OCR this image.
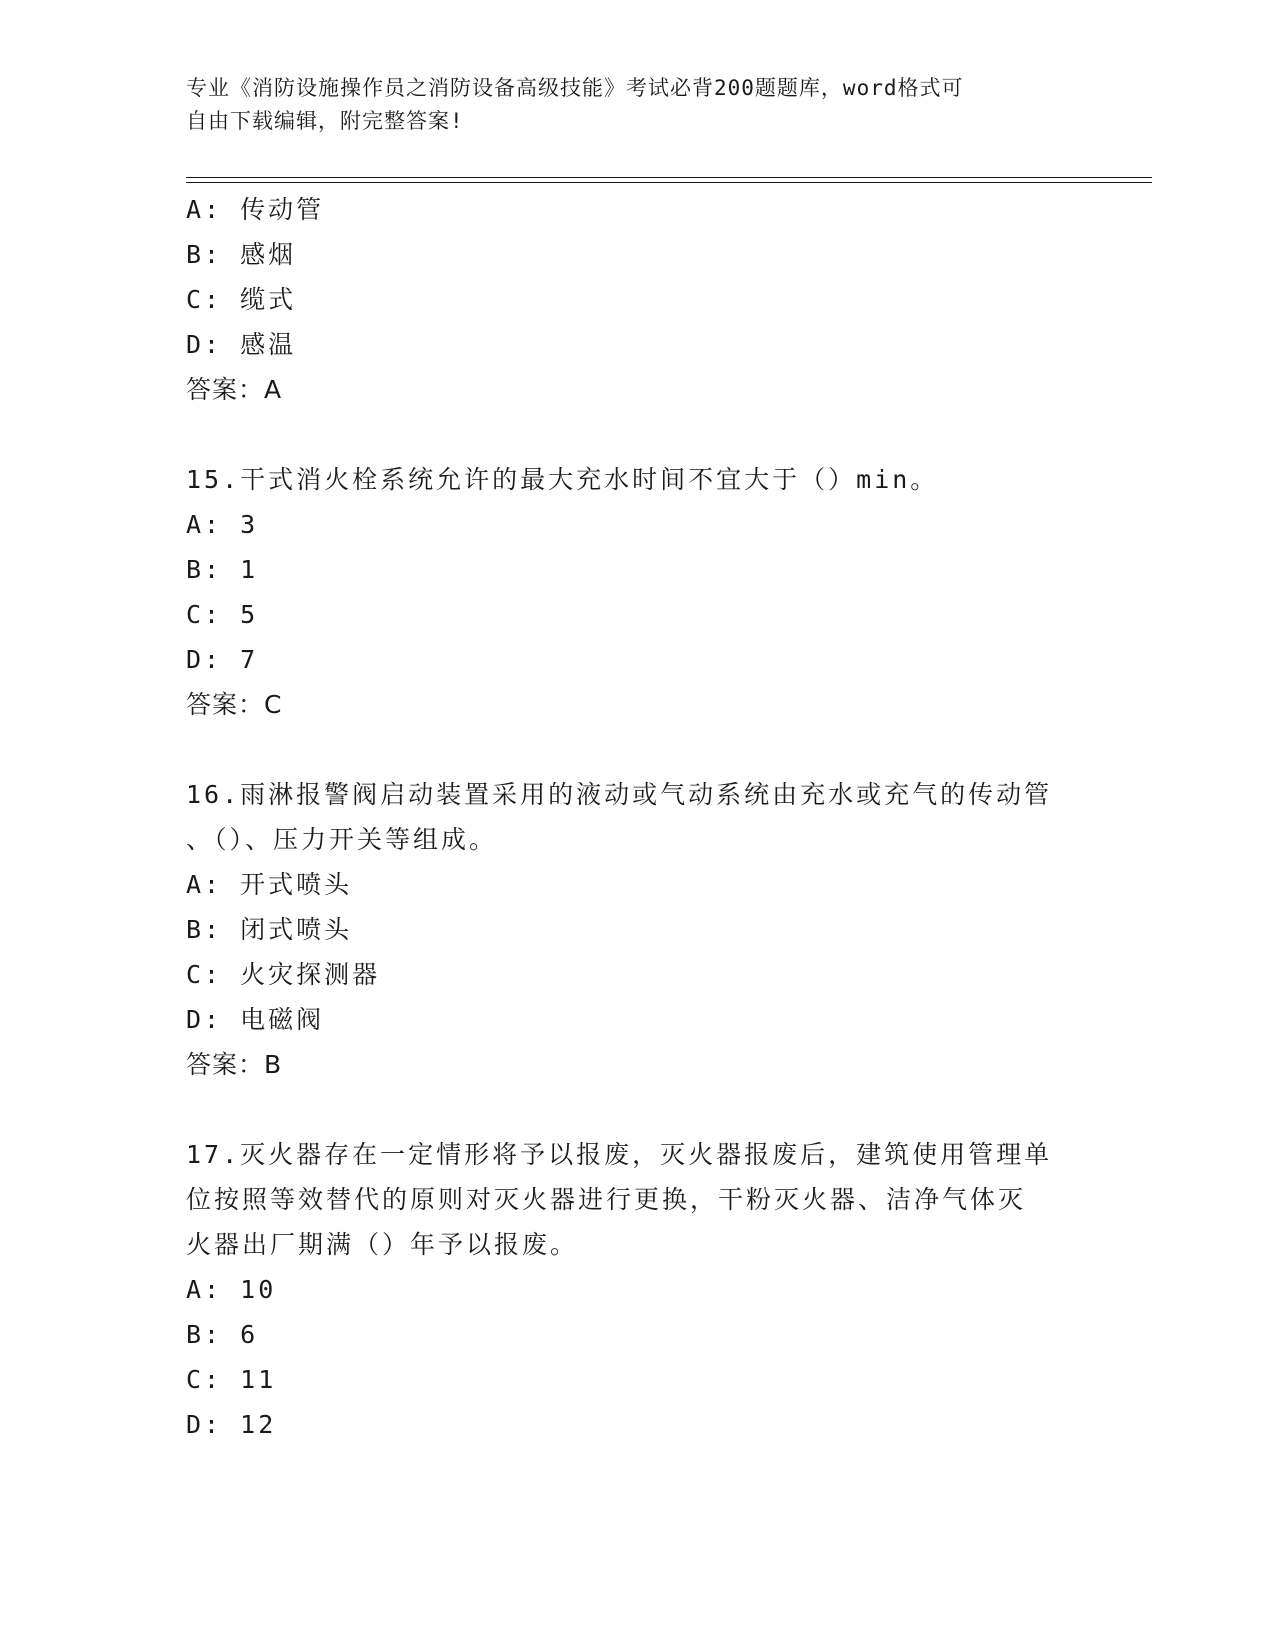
专业《消防设施操作员之消防设备高级技能》考试必背200题题库，word格式可
自由下载编辑，附完整答案!
A: 传动管
B: 感烟
C: 缆式
D: 感温
答案：A
15.干式消火栓系统允许的最大充水时间不宜大于（）min。
A: 3
B: 1
C: 5
D: 7
答案：C
16.雨淋报警阀启动装置采用的液动或气动系统由充水或充气的传动管
、（）、压力开关等组成。
A: 开式喷头
B: 闭式喷头
C: 火灾探测器
D: 电磁阀
答案：B
17.灭火器存在一定情形将予以报废，灭火器报废后，建筑使用管理单
位按照等效替代的原则对灭火器进行更换，干粉灭火器、洁净气体灭
火器出厂期满（）年予以报废。
A: 10
B: 6
C: 11
D: 12
